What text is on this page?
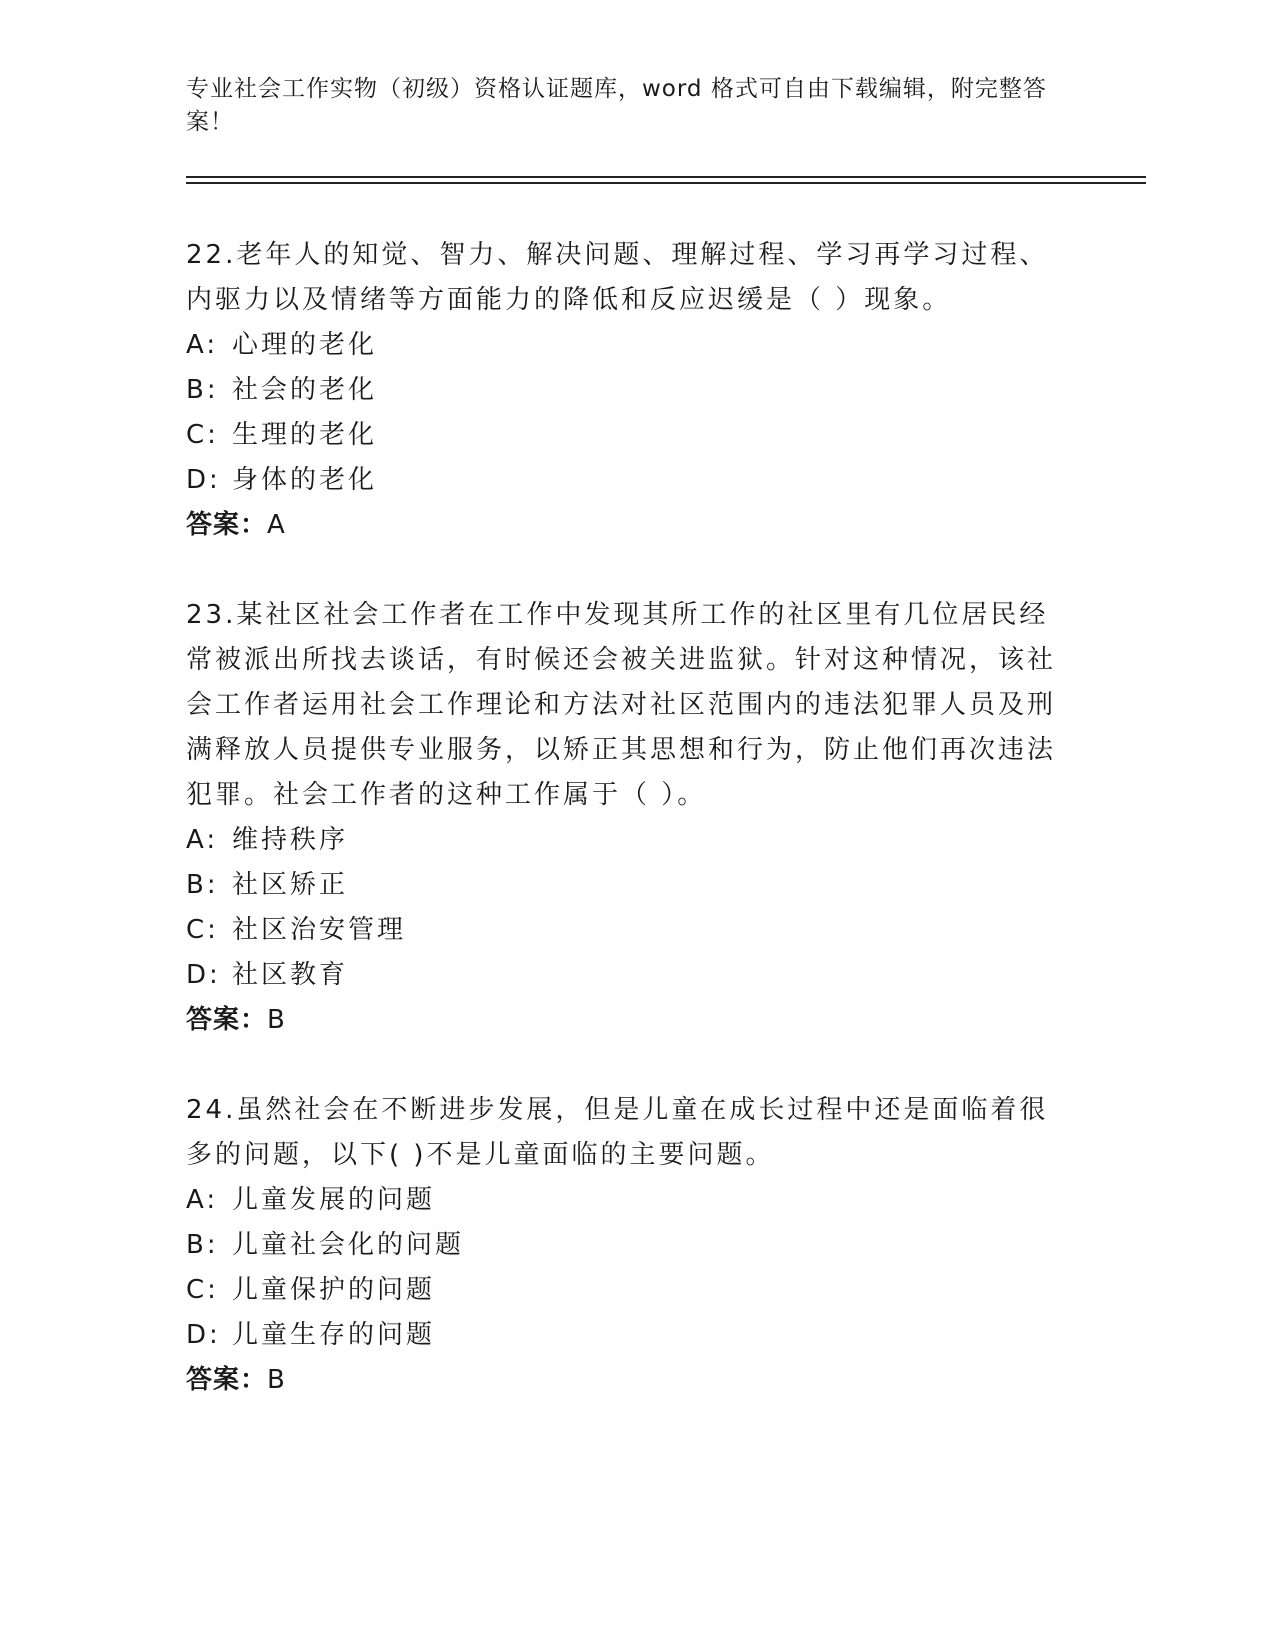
专业社会工作实物（初级）资格认证题库，word 格式可自由下载编辑，附完整答案！

22.老年人的知觉、智力、解决问题、理解过程、学习再学习过程、内驱力以及情绪等方面能力的降低和反应迟缓是（ ）现象。

A: 心理的老化

B: 社会的老化

C: 生理的老化

D: 身体的老化

答案：A

23.某社区社会工作者在工作中发现其所工作的社区里有几位居民经常被派出所找去谈话，有时候还会被关进监狱。针对这种情况，该社会工作者运用社会工作理论和方法对社区范围内的违法犯罪人员及刑满释放人员提供专业服务，以矫正其思想和行为，防止他们再次违法犯罪。社会工作者的这种工作属于（ ）。

A: 维持秩序

B: 社区矫正

C: 社区治安管理

D: 社区教育

答案：B

24.虽然社会在不断进步发展，但是儿童在成长过程中还是面临着很多的问题，以下( )不是儿童面临的主要问题。

A: 儿童发展的问题

B: 儿童社会化的问题

C: 儿童保护的问题

D: 儿童生存的问题

答案：B
